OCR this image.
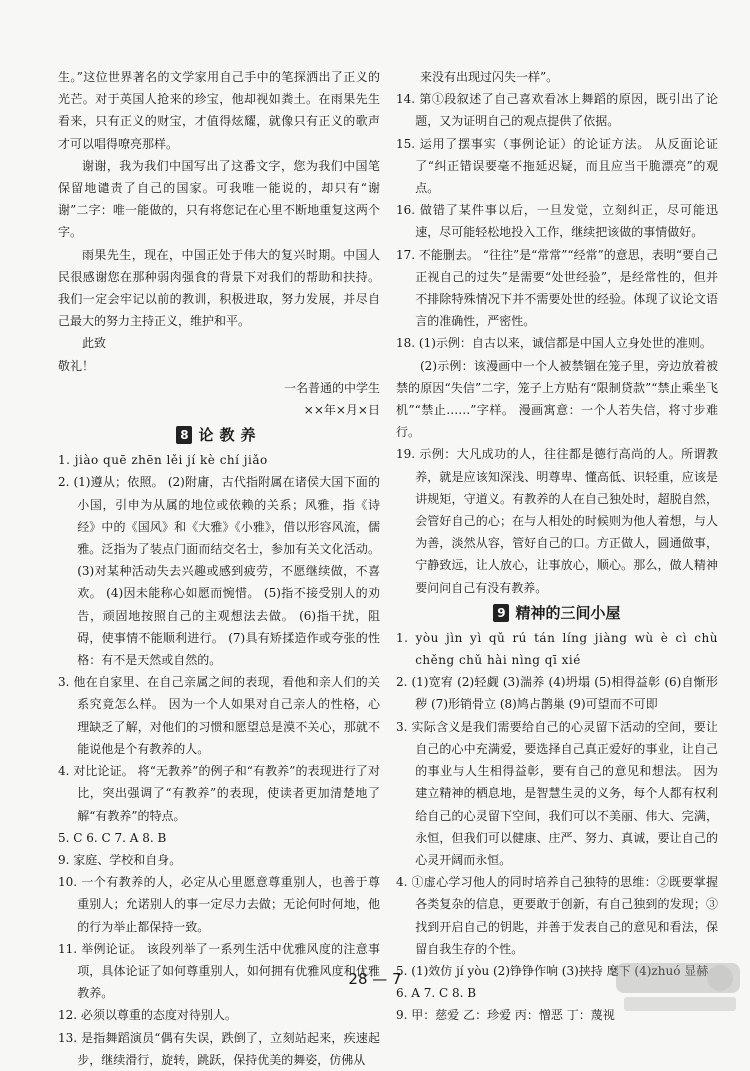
生。”这位世界著名的文学家用自己手中的笔探洒出了正义的光芒。对于英国人抢来的珍宝，他却视如粪土。在雨果先生看来，只有正义的财宝，才值得炫耀，就像只有正义的歌声才可以唱得嘹亮那样。

谢谢，我为我们中国写出了这番文字，您为我们中国笔保留地谴责了自己的国家。可我唯一能说的，却只有“谢谢”二字：唯一能做的，只有将您记在心里不断地重复这两个字。

雨果先生，现在，中国正处于伟大的复兴时期。中国人民很感谢您在那种弱肉强食的背景下对我们的帮助和扶持。我们一定会牢记以前的教训，积极进取，努力发展，并尽自己最大的努力主持正义，维护和平。

此致

敬礼！

一名普通的中学生

××年×月×日

8 论教养

1. jiào quē zhēn lěi jí kè chí jiǎo

2. (1)遵从；依照。 (2)附庸，古代指附属在诸侯大国下面的小国，引申为从属的地位或依赖的关系；风雅，指《诗经》中的《国风》和《大雅》《小雅》，借以形容风流，儒雅。泛指为了装点门面而结交名士，参加有关文化活动。 (3)对某种活动失去兴趣或感到疲劳，不愿继续做，不喜欢。 (4)因未能称心如愿而惋惜。 (5)指不接受别人的劝告，顽固地按照自己的主观想法去做。 (6)指干扰，阻碍，使事情不能顺利进行。 (7)具有矫揉造作或夸张的性格：有不是天然或自然的。

3. 他在自家里、在自己亲属之间的表现，看他和亲人们的关系究竟怎么样。 因为一个人如果对自己亲人的性格，心理缺乏了解，对他们的习惯和愿望总是漠不关心，那就不能说他是个有教养的人。

4. 对比论证。 将“无教养”的例子和“有教养”的表现进行了对比，突出强调了“有教养”的表现，使读者更加清楚地了解“有教养”的特点。

5. C 6. C 7. A 8. B

9. 家庭、学校和自身。

10. 一个有教养的人，必定从心里愿意尊重别人，也善于尊重别人；允诺别人的事一定尽力去做；无论何时何地，他的行为举止都保持一致。

11. 举例论证。 该段列举了一系列生活中优雅风度的注意事项，具体论证了如何尊重别人，如何拥有优雅风度和优雅教养。

12. 必须以尊重的态度对待别人。

13. 是指舞蹈演员“偶有失误，跌倒了，立刻站起来，疾速起步，继续滑行，旋转，跳跃，保持优美的舞姿，仿佛从

来没有出现过闪失一样”。

14. 第①段叙述了自己喜欢看冰上舞蹈的原因，既引出了论题，又为证明自己的观点提供了依据。

15. 运用了摆事实（事例论证）的论证方法。 从反面论证了“纠正错误要毫不拖延迟疑，而且应当干脆漂亮”的观点。

16. 做错了某件事以后，一旦发觉，立刻纠正，尽可能迅速，尽可能轻松地投入工作，继续把该做的事情做好。

17. 不能删去。 “往往”是“常常”“经常”的意思，表明“要自己正视自己的过失”是需要“处世经验”，是经常性的，但并不排除特殊情况下并不需要处世的经验。体现了议论文语言的准确性，严密性。

18. (1)示例：自古以来，诚信都是中国人立身处世的准则。

(2)示例：该漫画中一个人被禁锢在笼子里，旁边放着被禁的原因“失信”二字，笼子上方贴有“限制贷款”“禁止乘坐飞机”“禁止……”字样。 漫画寓意：一个人若失信，将寸步难行。

19. 示例：大凡成功的人，往往都是德行高尚的人。所谓教养，就是应该知深浅、明尊卑、懂高低、识轻重，应该是讲规矩，守道义。有教养的人在自己独处时，超脱自然，会管好自己的心；在与人相处的时候则为他人着想，与人为善，淡然从容，管好自己的口。方正做人，圆通做事，宁静致远，让人放心，让事放心，顺心。那么，做人精神要问问自己有没有教养。

9 精神的三间小屋

1. yòu jìn yì qǔ rú tán líng jiàng wù è cì chù chěng chǔ hài nìng qī xié

2. (1)宽宥 (2)轻觑 (3)湍养 (4)坍塌 (5)相得益彰 (6)自惭形秽 (7)形销骨立 (8)鸠占鹊巢 (9)可望而不可即

3. 实际含义是我们需要给自己的心灵留下活动的空间，要让自己的心中充满爱，要选择自己真正爱好的事业，让自己的事业与人生相得益彰，要有自己的意见和想法。 因为建立精神的栖息地，是智慧生灵的义务，每个人都有权利给自己的心灵留下空间，我们可以不美丽、伟大、完满，永恒，但我们可以健康、庄严、努力、真诚，要让自己的心灵开阔而永恒。

4. ①虚心学习他人的同时培养自己独特的思维：②既要掌握各类复杂的信息，更要敢于创新，有自己独到的发现；③找到开启自己的钥匙，并善于发表自己的意见和看法，保留自我生存的个性。

5. (1)效仿 jí yòu (2)铮铮作响 (3)挟持 麾下 (4)zhuó 显赫

6. A 7. C 8. B

9. 甲：慈爱 乙：珍爱 丙：憎恶 丁：蔑视

28 — 7
